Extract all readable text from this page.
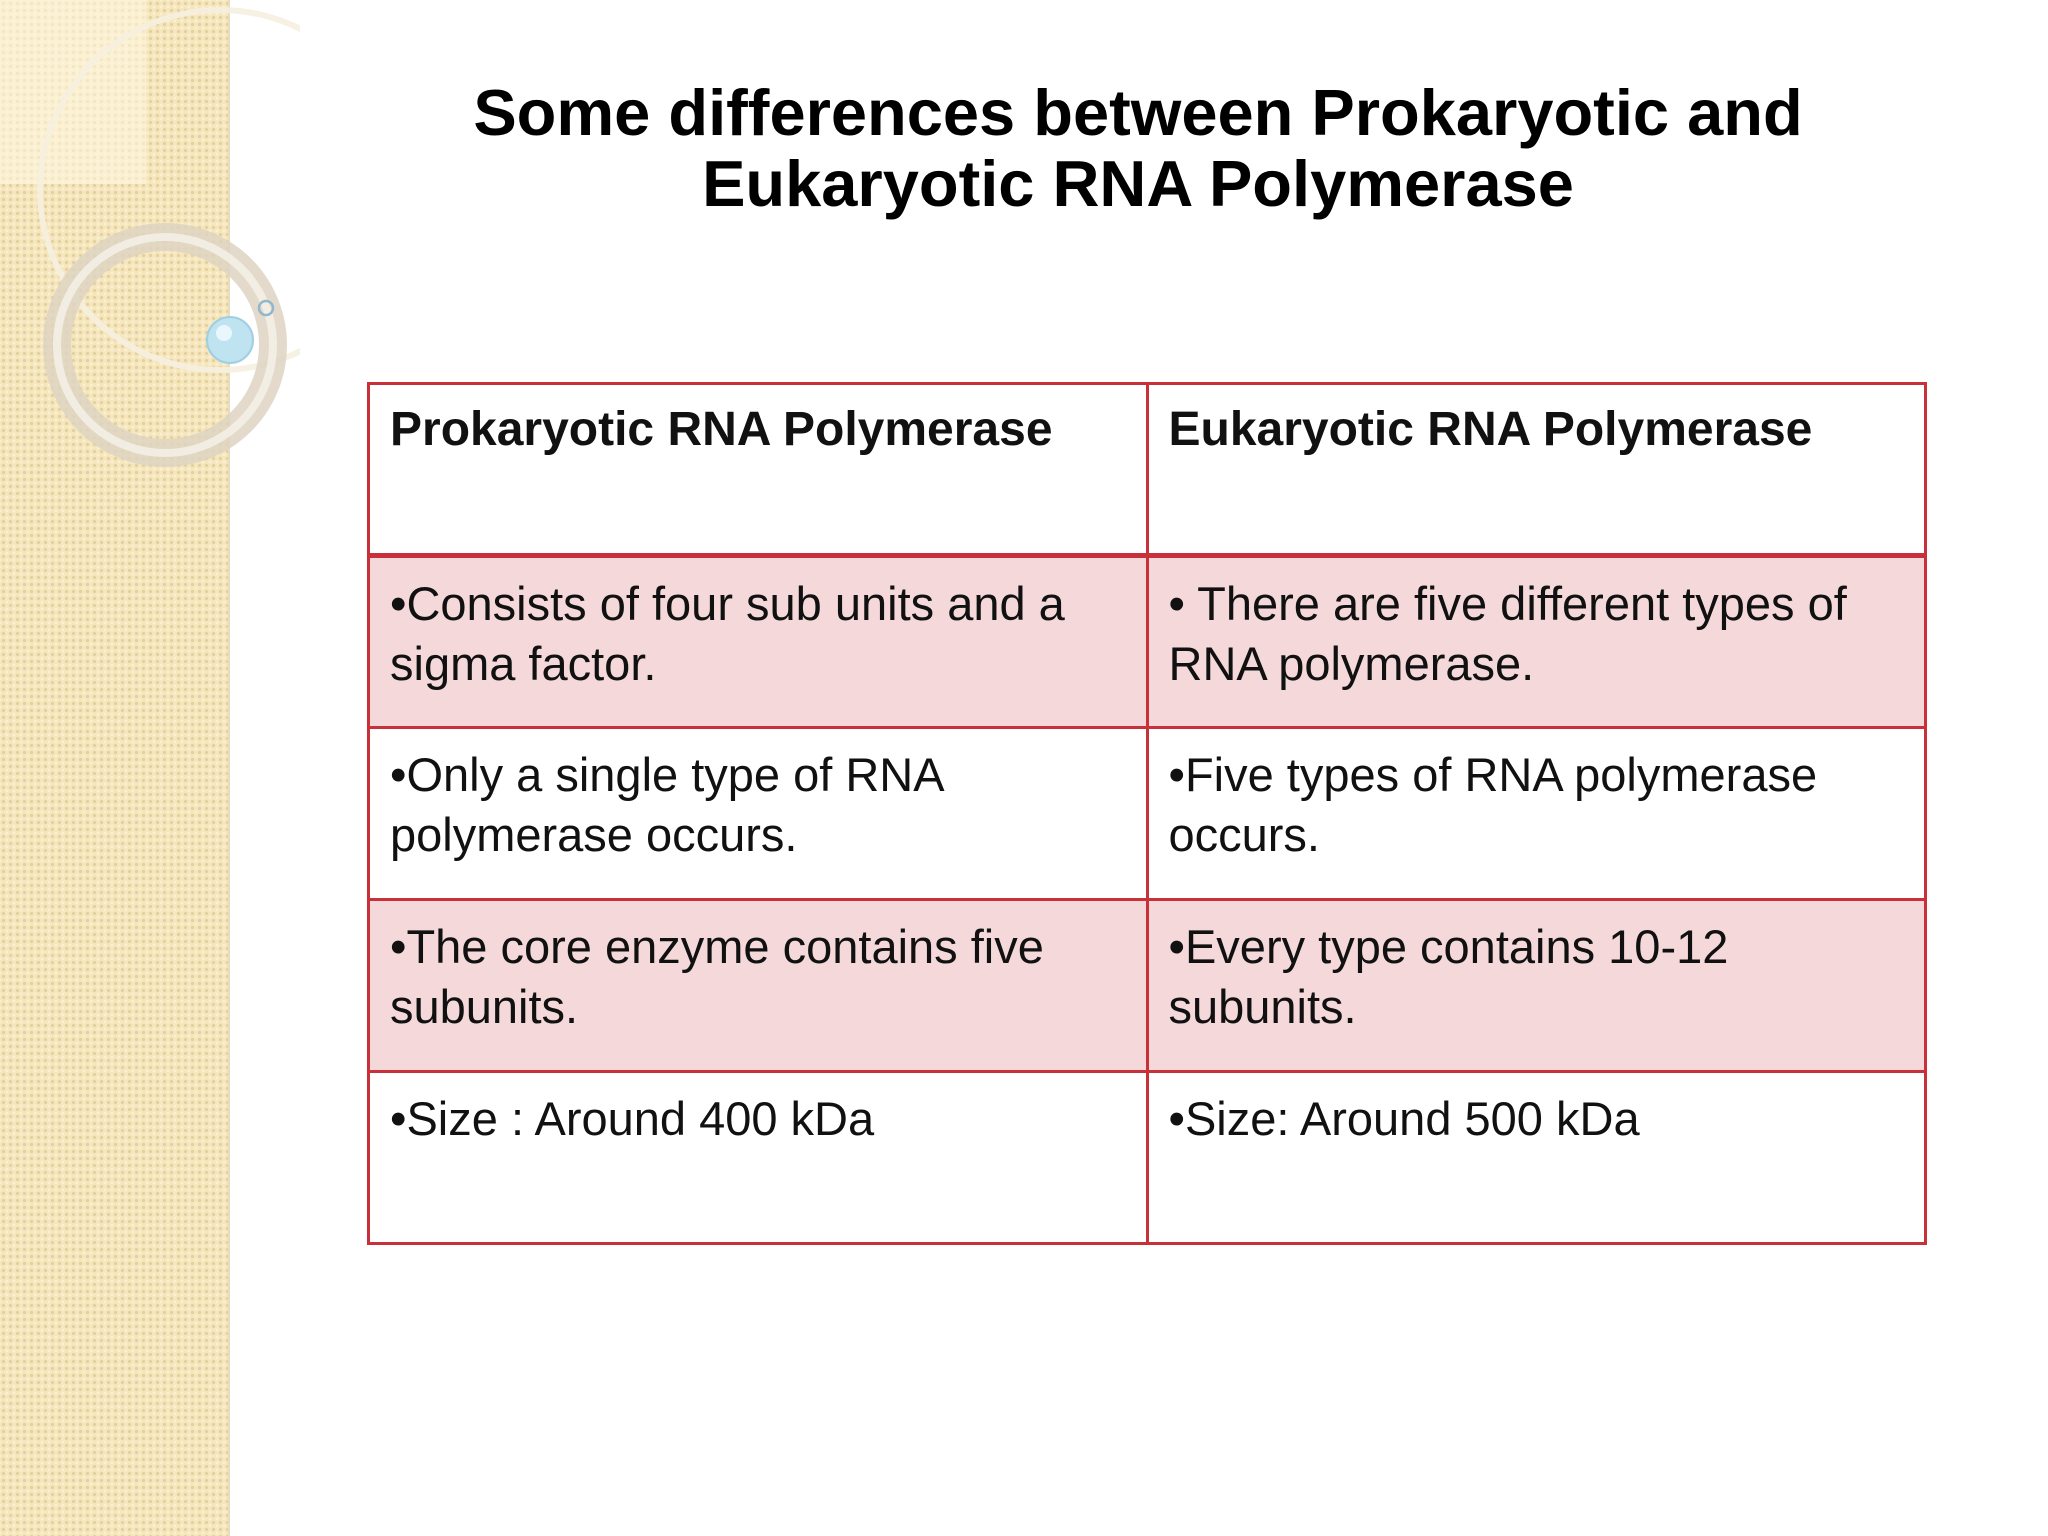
Some differences between Prokaryotic and
Eukaryotic RNA Polymerase
Prokaryotic RNA Polymerase	Eukaryotic RNA Polymerase
•Consists of four sub units and a sigma factor.	• There are five different types of RNA polymerase.
•Only a single type of RNA polymerase occurs.	•Five types of RNA polymerase occurs.
•The core enzyme contains five subunits.	•Every type contains 10-12 subunits.
•Size : Around 400 kDa	•Size: Around 500 kDa
